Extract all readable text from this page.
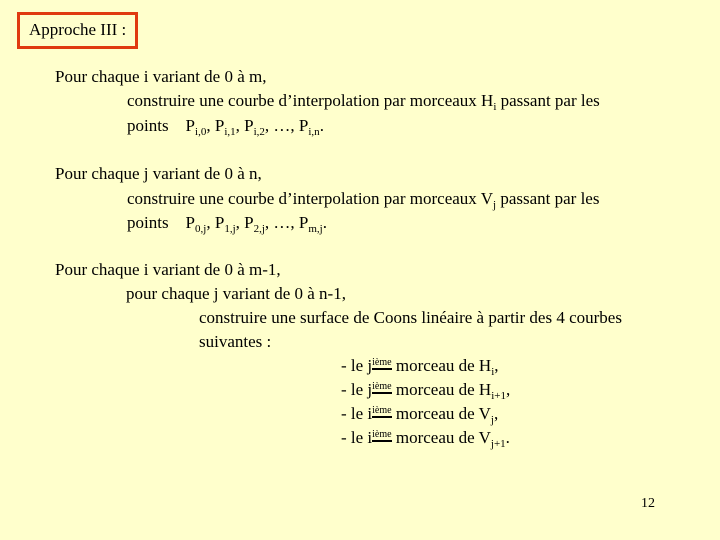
Approche III :
Pour chaque i variant de 0 à m,
construire une courbe d’interpolation par morceaux $H_i$ passant par les
points    $P_{i,0}$, $P_{i,1}$, $P_{i,2}$, …, $P_{i,n}$.
Pour chaque j variant de 0 à n,
construire une courbe d’interpolation par morceaux $V_j$ passant par les
points    $P_{0,j}$, $P_{1,j}$, $P_{2,j}$, …, $P_{m,j}$.
Pour chaque i variant de 0 à m-1,
pour chaque j variant de 0 à n-1,
construire une surface de Coons linéaire à partir des 4 courbes
suivantes :
- le $j^{ième}$ morceau de $H_i$,
- le $j^{ième}$ morceau de $H_{i+1}$,
- le $i^{ième}$ morceau de $V_j$,
- le $i^{ième}$ morceau de $V_{j+1}$.
12
